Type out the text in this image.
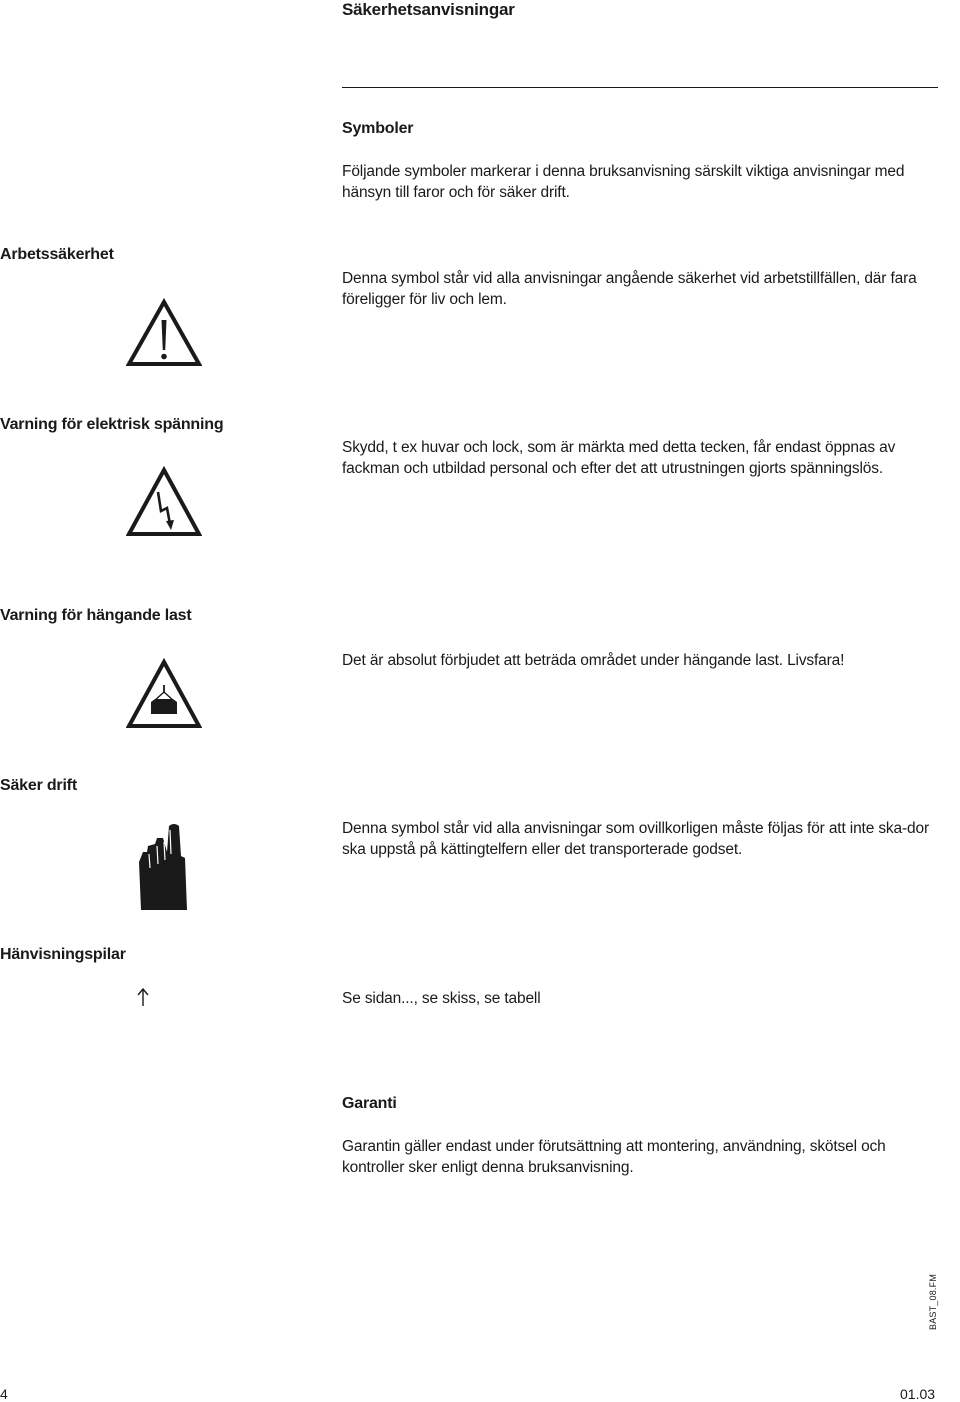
Säkerhetsanvisningar
Symboler
Följande symboler markerar i denna bruksanvisning särskilt viktiga anvisningar med hänsyn till faror och för säker drift.
Arbetssäkerhet
Denna symbol står vid alla anvisningar angående säkerhet vid arbetstillfällen, där fara föreligger för liv och lem.
Varning för elektrisk spänning
Skydd, t ex huvar och lock, som är märkta med detta tecken, får endast öppnas av fackman och utbildad personal och efter det att utrustningen gjorts spänningslös.
Varning för hängande last
Det är absolut förbjudet att beträda området under hängande last. Livsfara!
Säker drift
Denna symbol står vid alla anvisningar som ovillkorligen måste följas för att inte ska-dor ska uppstå på kättingtelfern eller det transporterade godset.
Hänvisningspilar
Se sidan..., se skiss, se tabell
Garanti
Garantin gäller endast under förutsättning att montering, användning, skötsel och kontroller sker enligt denna bruksanvisning.
4	01.03
BAST_08.FM
